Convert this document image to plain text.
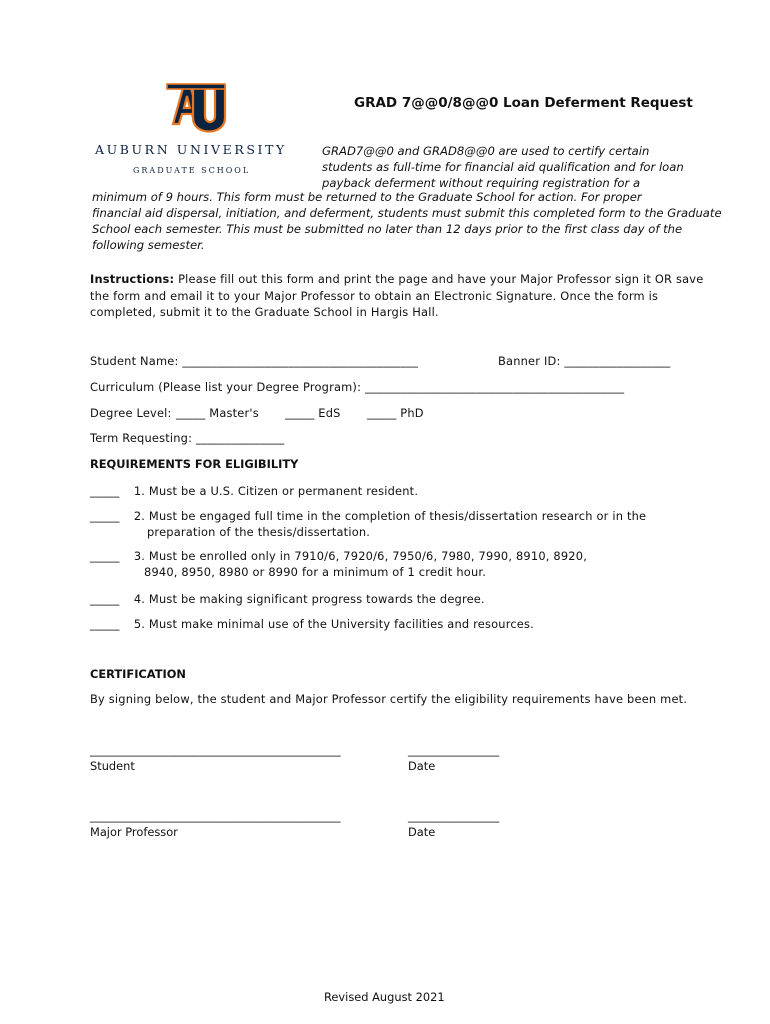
AUBURN UNIVERSITY
GRADUATE SCHOOL
GRAD 7@@0/8@@0 Loan Deferment Request
GRAD7@@0 and GRAD8@@0 are used to certify certain
students as full-time for financial aid qualification and for loan
payback deferment without requiring registration for a
minimum of 9 hours. This form must be returned to the Graduate School for action. For proper
financial aid dispersal, initiation, and deferment, students must submit this completed form to the Graduate
School each semester. This must be submitted no later than 12 days prior to the first class day of the
following semester.
Instructions: Please fill out this form and print the page and have your Major Professor sign it OR save the form and email it to your Major Professor to obtain an Electronic Signature. Once the form is completed, submit it to the Graduate School in Hargis Hall.
Student Name: ________________________________________	Banner ID: __________________
Curriculum (Please list your Degree Program): ____________________________________________
Degree Level: _____ Master's _____ EdS _____ PhD
Term Requesting: _______________
REQUIREMENTS FOR ELIGIBILITY
_____ 1. Must be a U.S. Citizen or permanent resident.
_____ 2. Must be engaged full time in the completion of thesis/dissertation research or in the
preparation of the thesis/dissertation.
_____ 3. Must be enrolled only in 7910/6, 7920/6, 7950/6, 7980, 7990, 8910, 8920,
8940, 8950, 8980 or 8990 for a minimum of 1 credit hour.
_____ 4. Must be making significant progress towards the degree.
_____ 5. Must make minimal use of the University facilities and resources.
CERTIFICATION
By signing below, the student and Major Professor certify the eligibility requirements have been met.
____________________________________________	________________
Student	Date
____________________________________________	________________
Major Professor	Date
Revised August 2021
